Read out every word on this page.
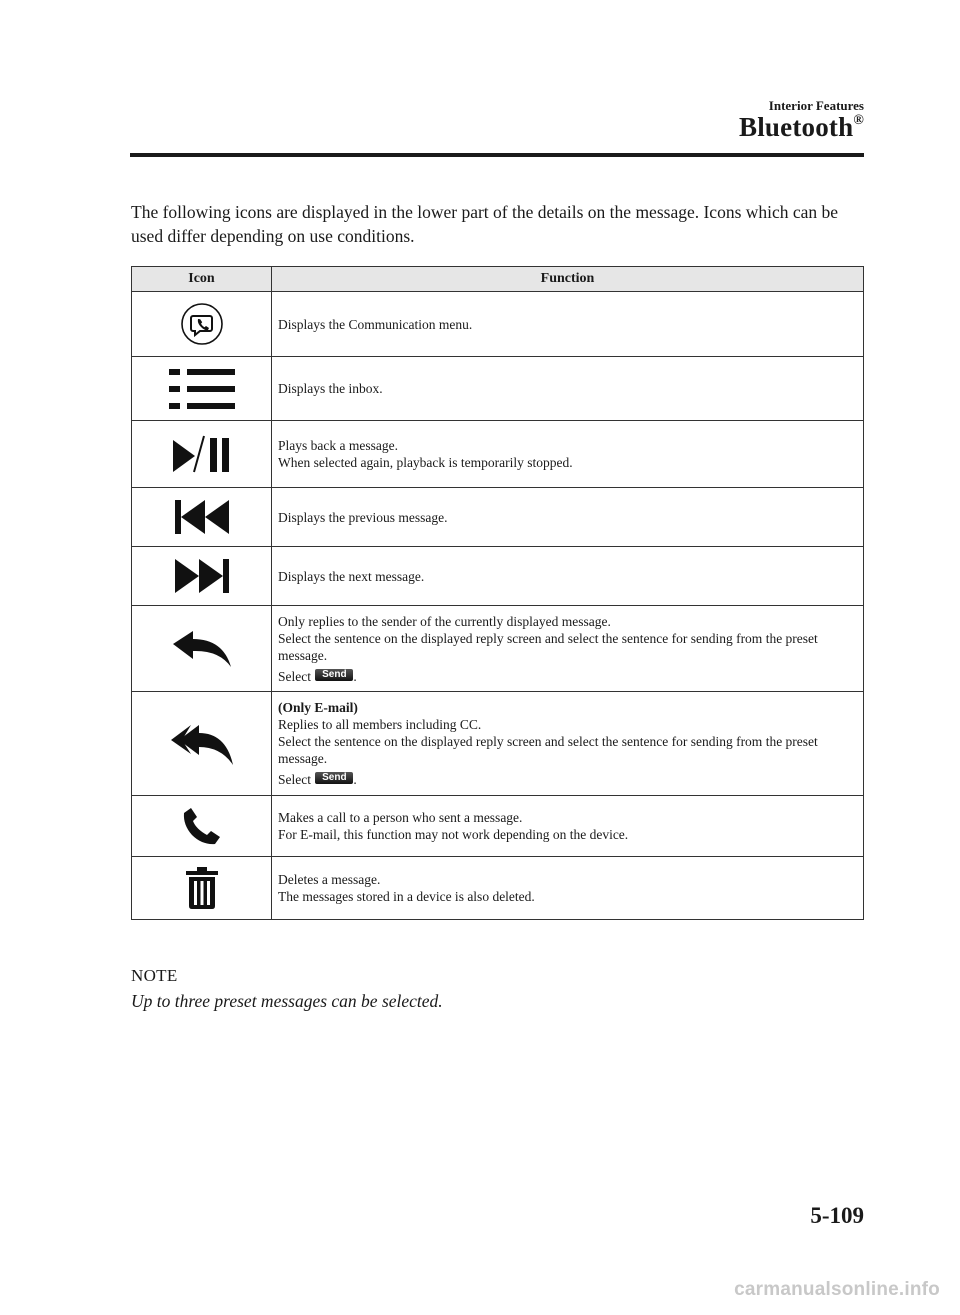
Interior Features
Bluetooth®
The following icons are displayed in the lower part of the details on the message. Icons which can be used differ depending on use conditions.
Icon	Function

Displays the Communication menu.

Displays the inbox.

Plays back a message.
When selected again, playback is temporarily stopped.

Displays the previous message.

Displays the next message.

Only replies to the sender of the currently displayed message.
Select the sentence on the displayed reply screen and select the sentence for sending from the preset message.
Select Send .

(Only E-mail)
Replies to all members including CC.
Select the sentence on the displayed reply screen and select the sentence for sending from the preset message.
Select Send .

Makes a call to a person who sent a message.
For E-mail, this function may not work depending on the device.

Deletes a message.
The messages stored in a device is also deleted.
NOTE
Up to three preset messages can be selected.
5-109
carmanualsonline.info
